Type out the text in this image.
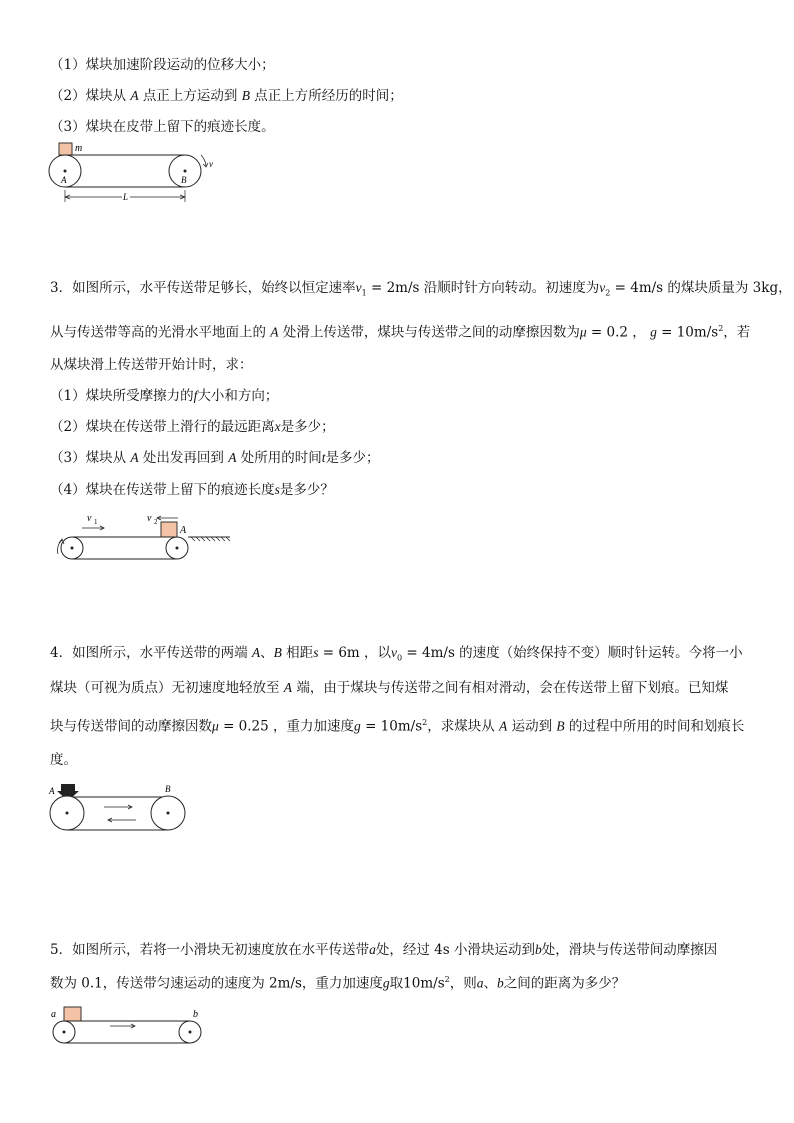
（1）煤块加速阶段运动的位移大小；
（2）煤块从 A 点正上方运动到 B 点正上方所经历的时间；
（3）煤块在皮带上留下的痕迹长度。
m
A	B
v
L
3．如图所示，水平传送带足够长，始终以恒定速率$v_1 = 2m/s$ 沿顺时针方向转动。初速度为$v_2 = 4m/s$ 的煤块质量为 3kg，
从与传送带等高的光滑水平地面上的 A 处滑上传送带，煤块与传送带之间的动摩擦因数为μ = 0.2 ， $g = 10m/s^2$，若
从煤块滑上传送带开始计时，求：
（1）煤块所受摩擦力的f大小和方向；
（2）煤块在传送带上滑行的最远距离x是多少；
（3）煤块从 A 处出发再回到 A 处所用的时间t是多少；
（4）煤块在传送带上留下的痕迹长度s是多少？
v 1	v 2
A
4．如图所示，水平传送带的两端 A、B 相距s = 6m ，以$v_0 = 4m/s$ 的速度（始终保持不变）顺时针运转。今将一小
煤块（可视为质点）无初速度地轻放至 A 端，由于煤块与传送带之间有相对滑动，会在传送带上留下划痕。已知煤
块与传送带间的动摩擦因数μ = 0.25 ，重力加速度$g = 10m/s^2$，求煤块从 A 运动到 B 的过程中所用的时间和划痕长
度。
A	B
5．如图所示，若将一小滑块无初速度放在水平传送带a处，经过 4s 小滑块运动到b处，滑块与传送带间动摩擦因
数为 0.1，传送带匀速运动的速度为 2m/s，重力加速度g取$10m/s^2$，则a、b之间的距离为多少？
a	b
